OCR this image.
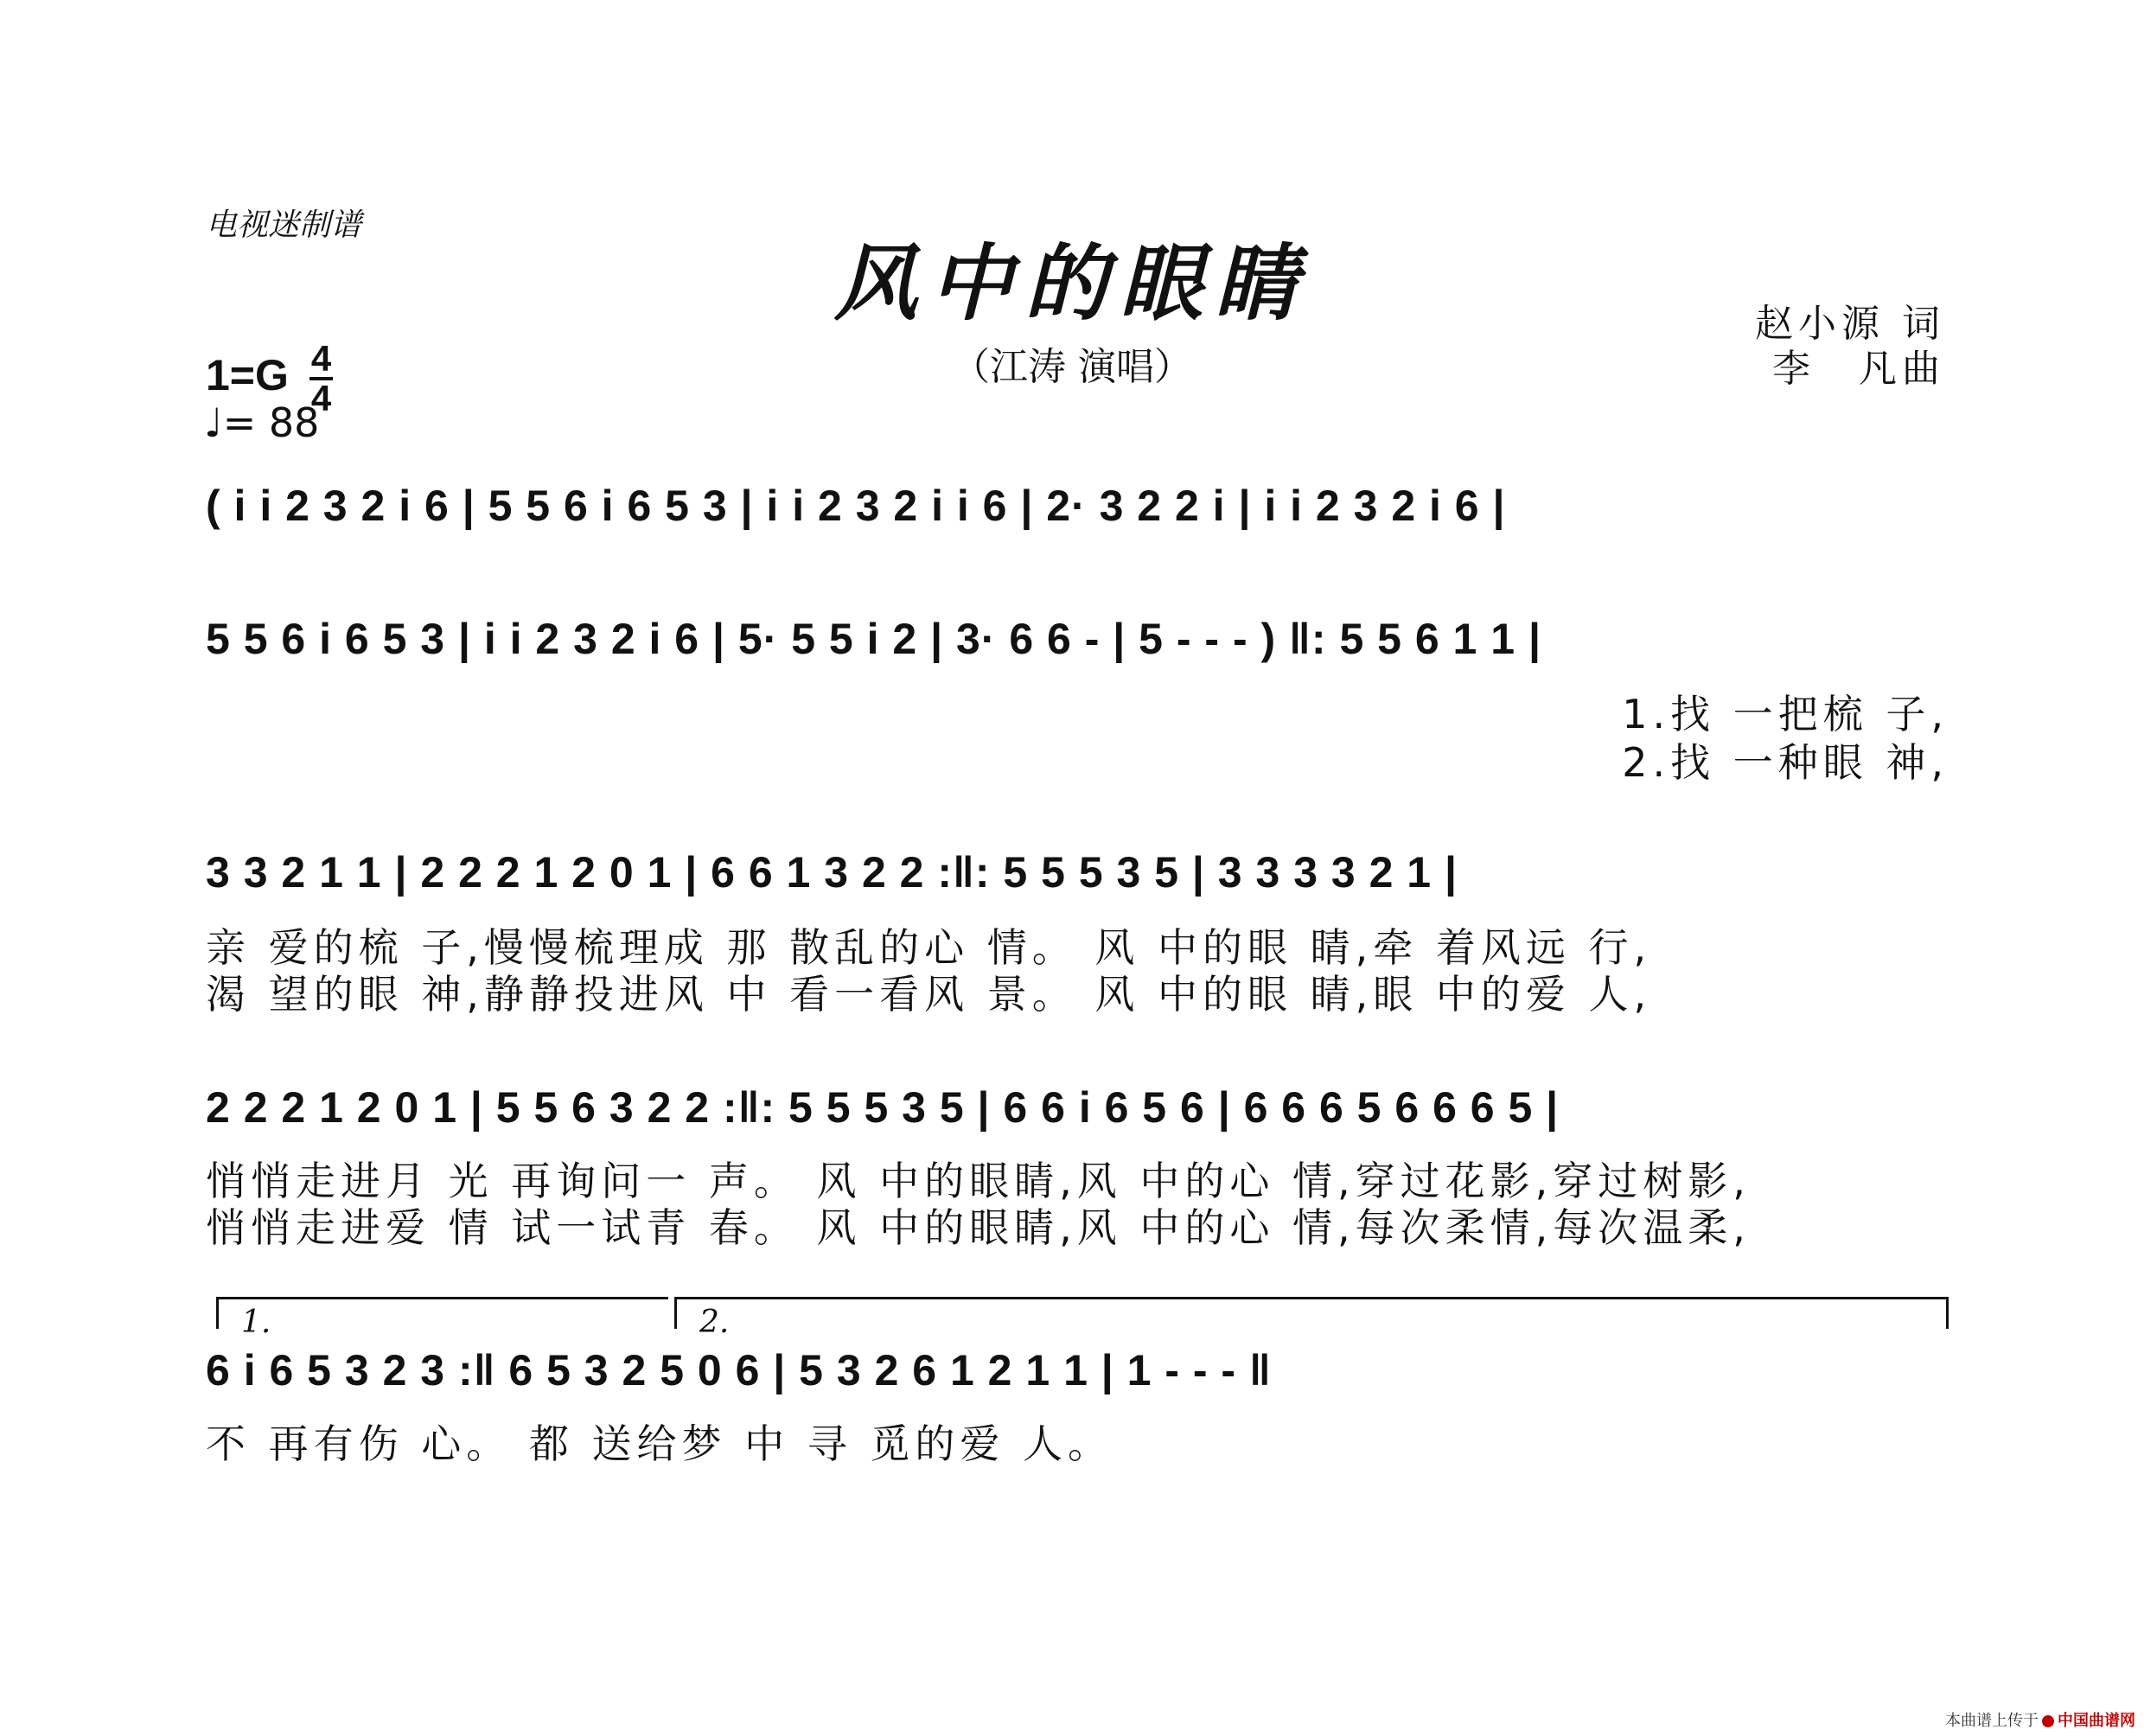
电视迷制谱
风中的眼睛
（江涛 演唱）
赵小源 词
李　凡曲
$1=G \frac{4}{4}$
♩= 88
( i i 2 3 2 i 6 | 5 5 6 i 6 5 3 | i i 2 3 2 i i 6 | 2· 3 2 2 i | i i 2 3 2 i 6 |
5 5 6 i 6 5 3 | i i 2 3 2 i 6 | 5· 5 5 i 2 | 3· 6 6 - | 5 - - - ) ‖: 5 5 6 1 1 |
1.找 一把梳 子,
2.找 一种眼 神,
3 3 2 1 1 | 2 2 2 1 2 0 1 | 6 6 1 3 2 2 :‖: 5 5 5 3 5 | 3 3 3 3 2 1 |
亲 爱的梳 子,慢慢梳理成 那 散乱的心 情。 风 中的眼 睛,牵 着风远 行,
渴 望的眼 神,静静投进风 中 看一看风 景。 风 中的眼 睛,眼 中的爱 人,
2 2 2 1 2 0 1 | 5 5 6 3 2 2 :‖: 5 5 5 3 5 | 6 6 i 6 5 6 | 6 6 6 5 6 6 6 5 |
悄悄走进月 光 再询问一 声。 风 中的眼睛,风 中的心 情,穿过花影,穿过树影,
悄悄走进爱 情 试一试青 春。 风 中的眼睛,风 中的心 情,每次柔情,每次温柔,
1.	2.
6 i 6 5 3 2 3 :‖ 6 5 3 2 5 0 6 | 5 3 2 6 1 2 1 1 | 1 - - - ‖
不 再有伤 心。 都 送给梦 中 寻 觅的爱 人。
本曲谱上传于 中国曲谱网
